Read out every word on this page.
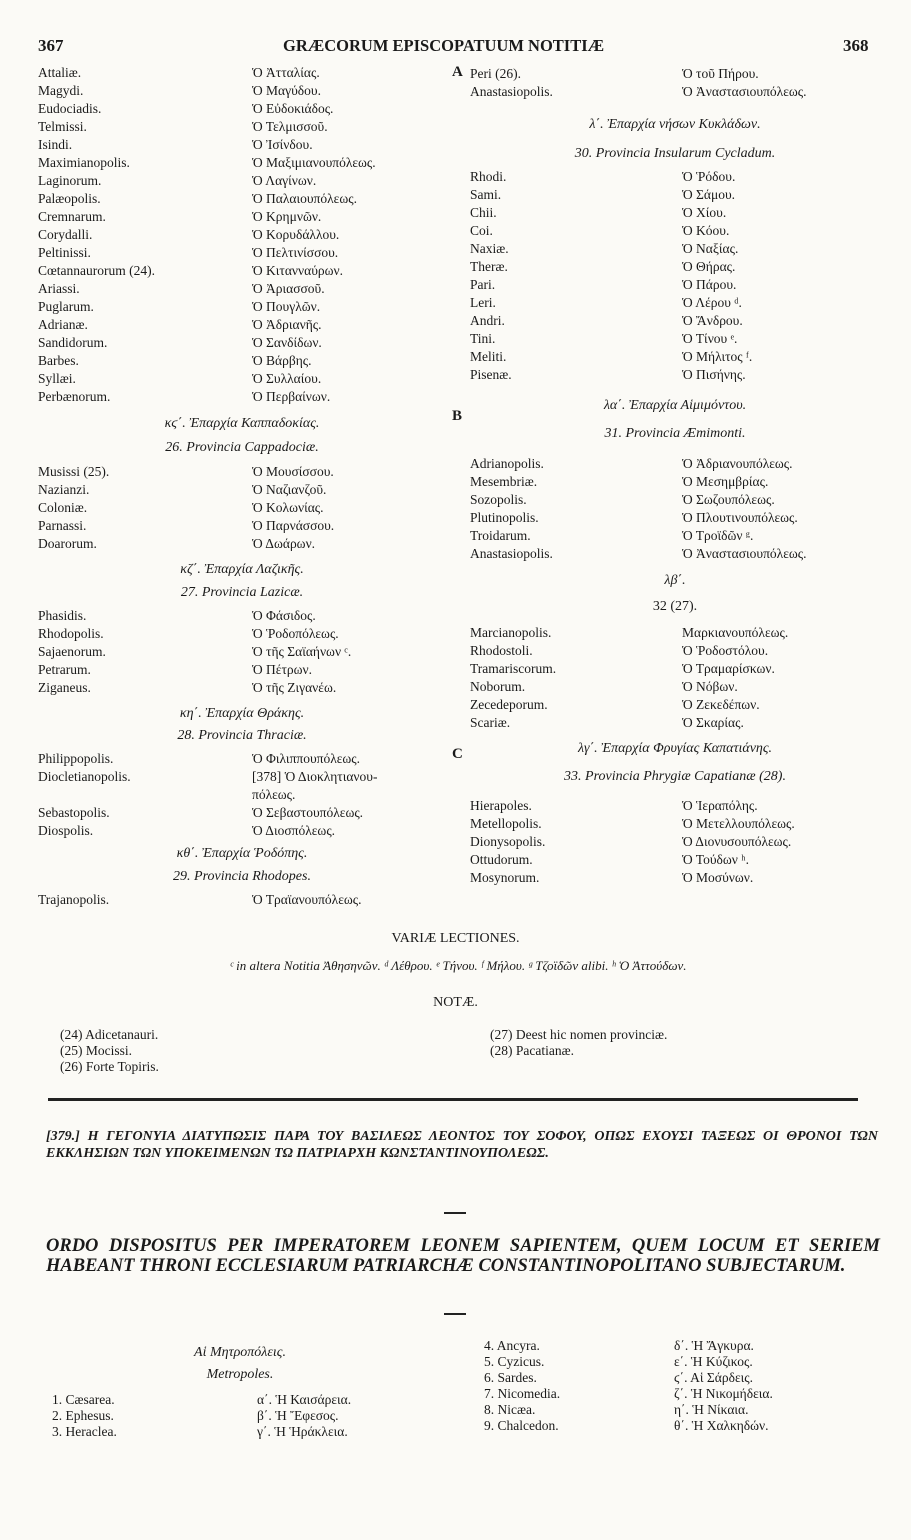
367	GRÆCORUM EPISCOPATUUM NOTITIÆ	368
Attaliæ.	Ὁ Ἀτταλίας.
Magydi.	Ὁ Μαγύδου.
Eudociadis.	Ὁ Εὐδοκιάδος.
Telmissi.	Ὁ Τελμισσοῦ.
Isindi.	Ὁ Ἰσίνδου.
Maximianopolis.	Ὁ Μαξιμιανουπόλεως.
Laginorum.	Ὁ Λαγίνων.
Palæopolis.	Ὁ Παλαιουπόλεως.
Cremnarum.	Ὁ Κρημνῶν.
Corydalli.	Ὁ Κορυδάλλου.
Peltinissi.	Ὁ Πελτινίσσου.
Cœtannaurorum (24).	Ὁ Κιτανναύρων.
Ariassi.	Ὁ Ἀριασσοῦ.
Puglarum.	Ὁ Πουγλῶν.
Adrianæ.	Ὁ Ἀδριανῆς.
Sandidorum.	Ὁ Σανδίδων.
Barbes.	Ὁ Βάρβης.
Syllæi.	Ὁ Συλλαίου.
Perbænorum.	Ὁ Περβαίνων.
κϛ΄. Ἐπαρχία Καππαδοκίας.
26. Provincia Cappadociæ.
Musissi (25).	Ὁ Μουσίσσου.
Nazianzi.	Ὁ Ναζιανζοῦ.
Coloniæ.	Ὁ Κολωνίας.
Parnassi.	Ὁ Παρνάσσου.
Doarorum.	Ὁ Δωάρων.
κζ΄. Ἐπαρχία Λαζικῆς.
27. Provincia Lazicæ.
Phasidis.	Ὁ Φάσιδος.
Rhodopolis.	Ὁ Ῥοδοπόλεως.
Sajaenorum.	Ὁ τῆς Σαϊαήνων ᶜ.
Petrarum.	Ὁ Πέτρων.
Ziganeus.	Ὁ τῆς Ζιγανέω.
κη΄. Ἐπαρχία Θράκης.
28. Provincia Thraciæ.
Philippopolis.	Ὁ Φιλιππουπόλεως.
Diocletianopolis.	[378] Ὁ Διοκλητιανου-
πόλεως.
Sebastopolis.	Ὁ Σεβαστουπόλεως.
Diospolis.	Ὁ Διοσπόλεως.
κθ΄. Ἐπαρχία Ῥοδόπης.
29. Provincia Rhodopes.
Trajanopolis.	Ὁ Τραϊανουπόλεως.
A Peri (26).	Ὁ τοῦ Πήρου.
Anastasiopolis.	Ὁ Ἀναστασιουπόλεως.
λ΄. Ἐπαρχία νήσων Κυκλάδων.
30. Provincia Insularum Cycladum.
Rhodi.	Ὁ Ῥόδου.
Sami.	Ὁ Σάμου.
Chii.	Ὁ Χίου.
Coi.	Ὁ Κόου.
Naxiæ.	Ὁ Ναξίας.
Theræ.	Ὁ Θήρας.
Pari.	Ὁ Πάρου.
Leri.	Ὁ Λέρου ᵈ.
Andri.	Ὁ Ἄνδρου.
Tini.	Ὁ Τίνου ᵉ.
Meliti.	Ὁ Μήλιτος ᶠ.
Pisenæ.	Ὁ Πισήνης.
B
λα΄. Ἐπαρχία Αἱμιμόντου.
31. Provincia Æmimonti.
Adrianopolis.	Ὁ Ἀδριανουπόλεως.
Mesembriæ.	Ὁ Μεσημβρίας.
Sozopolis.	Ὁ Σωζουπόλεως.
Plutinopolis.	Ὁ Πλουτινουπόλεως.
Troidarum.	Ὁ Τροϊδῶν ᵍ.
Anastasiopolis.	Ὁ Ἀναστασιουπόλεως.
λβ΄.
32 (27).
Marcianopolis.	Μαρκιανουπόλεως.
Rhodostoli.	Ὁ Ῥοδοστόλου.
Tramariscorum.	Ὁ Τραμαρίσκων.
Noborum.	Ὁ Νόβων.
Zecedeporum.	Ὁ Ζεκεδέπων.
Scariæ.	Ὁ Σκαρίας.
C	λγ΄. Ἐπαρχία Φρυγίας Καπατιάνης.
33. Provincia Phrygiæ Capatianæ (28).
Hierapoles.	Ὁ Ἱεραπόλης.
Metellopolis.	Ὁ Μετελλουπόλεως.
Dionysopolis.	Ὁ Διονυσουπόλεως.
Ottudorum.	Ὁ Τούδων ʰ.
Mosynorum.	Ὁ Μοσύνων.
VARIÆ LECTIONES.
ᶜ in altera Notitia Ἀθησηνῶν. ᵈ Λέθρου. ᵉ Τήνου. ᶠ Μήλου. ᵍ Τζοϊδῶν alibi. ʰ Ὁ Ἀττούδων.
NOTÆ.
(24) Adicetanauri.
(25) Mocissi.
(26) Forte Topiris.
(27) Deest hic nomen provinciæ.
(28) Pacatianæ.
[379.] Η ΓΕΓΟΝΥΙΑ ΔΙΑΤΥΠΩΣΙΣ ΠΑΡΑ ΤΟΥ ΒΑΣΙΛΕΩΣ ΛΕΟΝΤΟΣ ΤΟΥ ΣΟΦΟΥ, ΟΠΩΣ ΕΧΟΥΣΙ ΤΑΞΕΩΣ ΟΙ ΘΡΟΝΟΙ ΤΩΝ ΕΚΚΛΗΣΙΩΝ ΤΩΝ ΥΠΟΚΕΙΜΕΝΩΝ ΤΩ ΠΑΤΡΙΑΡΧΗ ΚΩΝΣΤΑΝΤΙΝΟΥΠΟΛΕΩΣ.
ORDO DISPOSITUS PER IMPERATOREM LEONEM SAPIENTEM, QUEM LOCUM ET SERIEM HABEANT THRONI ECCLESIARUM PATRIARCHÆ CONSTANTINOPOLITANO SUBJECTARUM.
Αἱ Μητροπόλεις.
Metropoles.
1. Cæsarea.	α΄. Ἡ Καισάρεια.
2. Ephesus.	β΄. Ἡ Ἔφεσος.
3. Heraclea.	γ΄. Ἡ Ἡράκλεια.
4. Ancyra.	δ΄. Ἡ Ἄγκυρα.
5. Cyzicus.	ε΄. Ἡ Κύζικος.
6. Sardes.	ϛ΄. Αἱ Σάρδεις.
7. Nicomedia.	ζ΄. Ἡ Νικομήδεια.
8. Nicæa.	η΄. Ἡ Νίκαια.
9. Chalcedon.	θ΄. Ἡ Χαλκηδών.
